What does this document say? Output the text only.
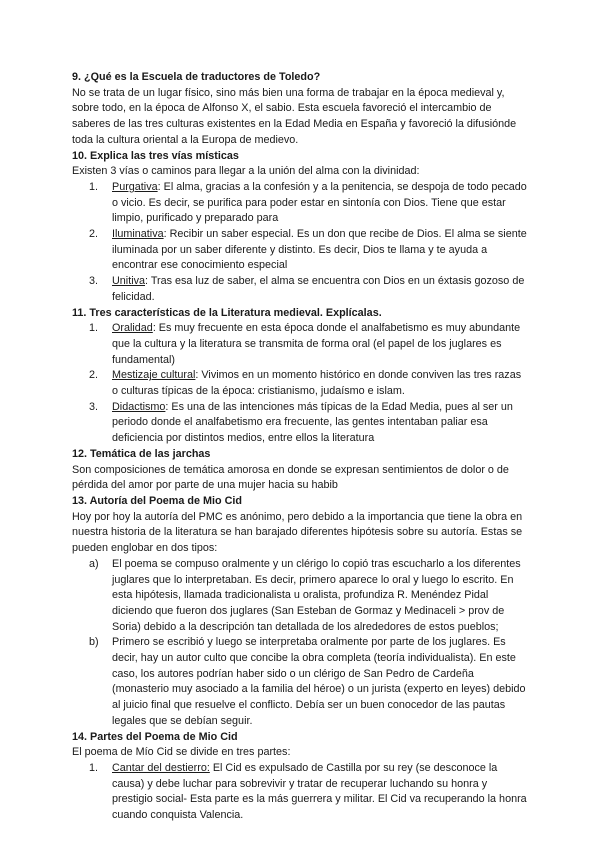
9. ¿Qué es la Escuela de traductores de Toledo?

No se trata de un lugar físico, sino más bien una forma de trabajar en la época medieval y, sobre todo, en la época de Alfonso X, el sabio. Esta escuela favoreció el intercambio de saberes de las tres culturas existentes en la Edad Media en España y favoreció la difusiónde toda la cultura oriental a la Europa de medievo.

10. Explica las tres vías místicas

Existen 3 vías o caminos para llegar a la unión del alma con la divinidad:

1.	Purgativa: El alma, gracias a la confesión y a la penitencia, se despoja de todo pecado o vicio. Es decir, se purifica para poder estar en sintonía con Dios. Tiene que estar limpio, purificado y preparado para
2.	Iluminativa: Recibir un saber especial. Es un don que recibe de Dios. El alma se siente iluminada por un saber diferente y distinto. Es decir, Dios te llama y te ayuda a encontrar ese conocimiento especial
3.	Unitiva: Tras esa luz de saber, el alma se encuentra con Dios en un éxtasis gozoso de felicidad.
11. Tres características de la Literatura medieval. Explícalas.
1.	Oralidad: Es muy frecuente en esta época donde el analfabetismo es muy abundante que la cultura y la literatura se transmita de forma oral (el papel de los juglares es fundamental)
2.	Mestizaje cultural: Vivimos en un momento histórico en donde conviven las tres razas o culturas típicas de la época: cristianismo, judaísmo e islam.
3.	Didactismo: Es una de las intenciones más típicas de la Edad Media, pues al ser un periodo donde el analfabetismo era frecuente, las gentes intentaban paliar esa deficiencia por distintos medios, entre ellos la literatura
12. Temática de las jarchas

Son composiciones de temática amorosa en donde se expresan sentimientos de dolor o de pérdida del amor por parte de una mujer hacia su habib

13. Autoría del Poema de Mio Cid

Hoy por hoy la autoría del PMC es anónimo, pero debido a la importancia que tiene la obra en nuestra historia de la literatura se han barajado diferentes hipótesis sobre su autoría. Estas se pueden englobar en dos tipos:

a)	El poema se compuso oralmente y un clérigo lo copió tras escucharlo a los diferentes juglares que lo interpretaban. Es decir, primero aparece lo oral y luego lo escrito. En esta hipótesis, llamada tradicionalista u oralista, profundiza R. Menéndez Pidal diciendo que fueron dos juglares (San Esteban de Gormaz y Medinaceli > prov de Soria) debido a la descripción tan detallada de los alrededores de estos pueblos;
b)	Primero se escribió y luego se interpretaba oralmente por parte de los juglares. Es decir, hay un autor culto que concibe la obra completa (teoría individualista). En este caso, los autores podrían haber sido o un clérigo de San Pedro de Cardeña (monasterio muy asociado a la familia del héroe) o un jurista (experto en leyes) debido al juicio final que resuelve el conflicto. Debía ser un buen conocedor de las pautas legales que se debían seguir.
14. Partes del Poema de Mio Cid

El poema de Mío Cid se divide en tres partes:

1.	Cantar del destierro: El Cid es expulsado de Castilla por su rey (se desconoce la causa) y debe luchar para sobrevivir y tratar de recuperar luchando su honra y prestigio social- Esta parte es la más guerrera y militar. El Cid va recuperando la honra cuando conquista Valencia.
